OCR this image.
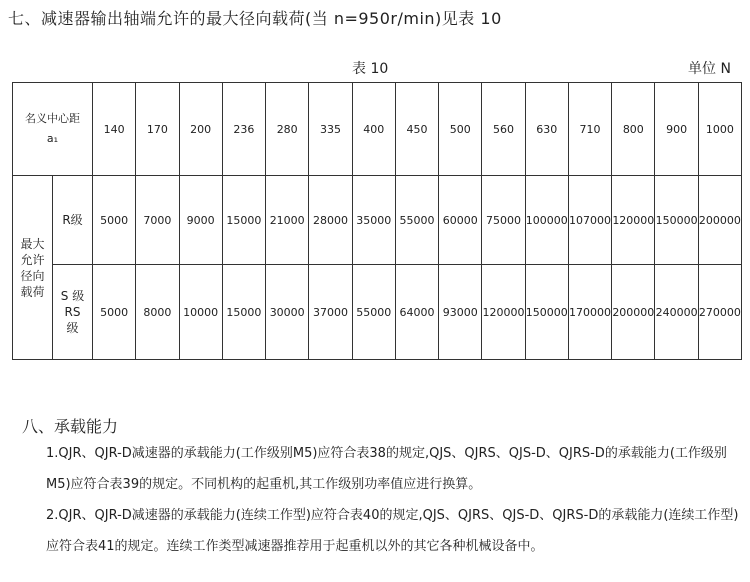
七、减速器输出轴端允许的最大径向载荷(当 n=950r/min)见表 10
表 10	单位 N
名义中心距
a₁		140	170	200	236	280	335	400	450	500	560	630	710	800	900	1000
最大允许径向载荷	R级	5000	7000	9000	15000	21000	28000	35000	55000	60000	75000	100000	107000	120000	150000	200000
	S 级 RS 级	5000	8000	10000	15000	30000	37000	55000	64000	93000	120000	150000	170000	200000	240000	270000
八、承载能力
1.QJR、QJR-D减速器的承载能力(工作级别M5)应符合表38的规定,QJS、QJRS、QJS-D、QJRS-D的承载能力(工作级别M5)应符合表39的规定。不同机构的起重机,其工作级别功率值应进行换算。
2.QJR、QJR-D减速器的承载能力(连续工作型)应符合表40的规定,QJS、QJRS、QJS-D、QJRS-D的承载能力(连续工作型)应符合表41的规定。连续工作类型减速器推荐用于起重机以外的其它各种机械设备中。
